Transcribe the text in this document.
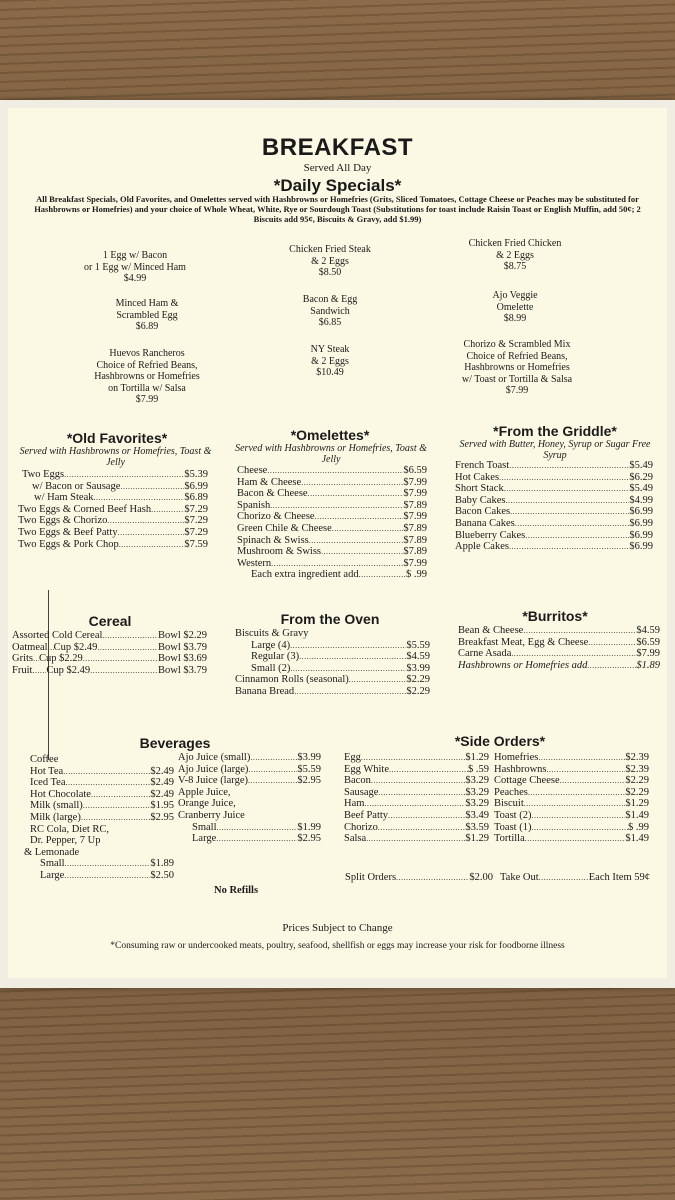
BREAKFAST
Served All Day
*Daily Specials*
All Breakfast Specials, Old Favorites, and Omelettes served with Hashbrowns or Homefries (Grits, Sliced Tomatoes, Cottage Cheese or Peaches may be substituted for Hashbrowns or Homefries) and your choice of Whole Wheat, White, Rye or Sourdough Toast (Substitutions for toast include Raisin Toast or English Muffin, add 50¢; 2 Biscuits add 95¢, Biscuits & Gravy, add $1.99)
1 Egg w/ Bacon
or 1 Egg w/ Minced Ham
$4.99
Chicken Fried Steak
& 2 Eggs
$8.50
Chicken Fried Chicken
& 2 Eggs
$8.75
Minced Ham &
Scrambled Egg
$6.89
Bacon & Egg
Sandwich
$6.85
Ajo Veggie
Omelette
$8.99
Huevos Rancheros
Choice of Refried Beans,
Hashbrowns or Homefries
on Tortilla w/ Salsa
$7.99
NY Steak
& 2 Eggs
$10.49
Chorizo & Scrambled Mix
Choice of Refried Beans,
Hashbrowns or Homefries
w/ Toast or Tortilla & Salsa
$7.99
*Old Favorites*
Served with Hashbrowns or Homefries, Toast & Jelly
Two Eggs .....	$5.39
w/ Bacon or Sausage .....	$6.99
w/ Ham Steak .....	$6.89
Two Eggs & Corned Beef Hash .....	$7.29
Two Eggs & Chorizo .....	$7.29
Two Eggs & Beef Patty .....	$7.29
Two Eggs & Pork Chop .....	$7.59
*Omelettes*
Served with Hashbrowns or Homefries, Toast & Jelly
Cheese .....	$6.59
Ham & Cheese .....	$7.99
Bacon & Cheese .....	$7.99
Spanish .....	$7.89
Chorizo & Cheese .....	$7.99
Green Chile & Cheese .....	$7.89
Spinach & Swiss .....	$7.89
Mushroom & Swiss .....	$7.89
Western .....	$7.99
Each extra ingredient add .....	$ .99
*From the Griddle*
Served with Butter, Honey, Syrup or Sugar Free Syrup
French Toast .....	$5.49
Hot Cakes .....	$6.29
Short Stack .....	$5.49
Baby Cakes .....	$4.99
Bacon Cakes .....	$6.99
Banana Cakes .....	$6.99
Blueberry Cakes .....	$6.99
Apple Cakes .....	$6.99
Cereal
Assorted Cold Cereal .....	Bowl $2.29
Oatmeal ..... Cup $2.49 .....	Bowl $3.79
Grits ..... Cup $2.29 .....	Bowl $3.69
Fruit ..... Cup $2.49 .....	Bowl $3.79
From the Oven
Biscuits & Gravy
Large (4) .....	$5.59
Regular (3) .....	$4.59
Small (2) .....	$3.99
Cinnamon Rolls (seasonal) .....	$2.29
Banana Bread .....	$2.29
*Burritos*
Bean & Cheese .....	$4.59
Breakfast Meat, Egg & Cheese .....	$6.59
Carne Asada .....	$7.99
Hashbrowns or Homefries add .....	$1.89
Beverages
Coffee
Hot Tea .....	$2.49
Iced Tea .....	$2.49
Hot Chocolate .....	$2.49
Milk (small) .....	$1.95
Milk (large) .....	$2.95
RC Cola, Diet RC,
Dr. Pepper, 7 Up
& Lemonade
Small .....	$1.89
Large .....	$2.50
Ajo Juice (small) .....	$3.99
Ajo Juice (large) .....	$5.59
V-8 Juice (large) .....	$2.95
Apple Juice,
Orange Juice,
Cranberry Juice
Small .....	$1.99
Large .....	$2.95
No Refills
*Side Orders*
Egg .....	$1.29
Egg White .....	$ .59
Bacon .....	$3.29
Sausage .....	$3.29
Ham .....	$3.29
Beef Patty .....	$3.49
Chorizo .....	$3.59
Salsa .....	$1.29
Homefries .....	$2.39
Hashbrowns .....	$2.39
Cottage Cheese .....	$2.29
Peaches .....	$2.29
Biscuit .....	$1.29
Toast (2) .....	$1.49
Toast (1) .....	$ .99
Tortilla .....	$1.49
Split Orders .....	$2.00 Take Out .....	Each Item 59¢
Prices Subject to Change
*Consuming raw or undercooked meats, poultry, seafood, shellfish or eggs may increase your risk for foodborne illness
